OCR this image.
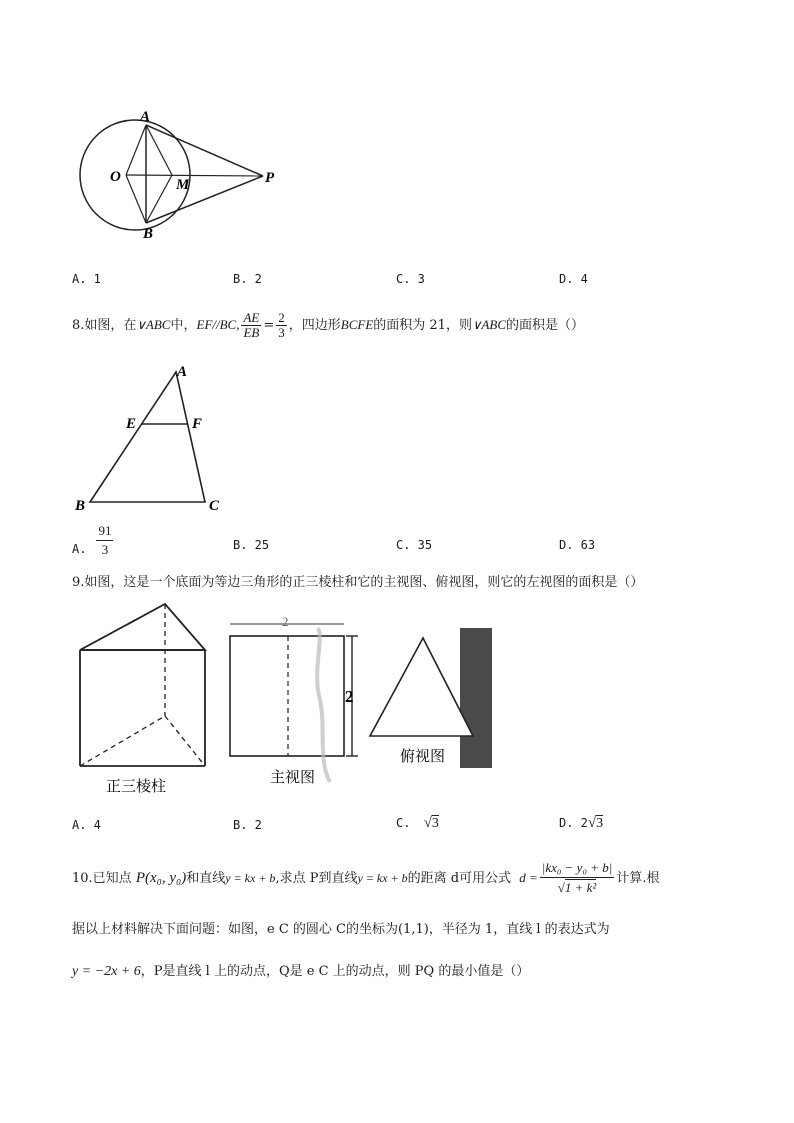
A
B
O	M	P
A. 1	B. 2	C. 3	D. 4
8.如图，在∨ABC中，EF//BC, $\frac{AE}{EB} = \frac{2}{3}$ ，四边形BCFE的面积为 21，则∨ABC的面积是（）
A
E	F
B	C
A. $\frac{91}{3}$	B. 25	C. 35	D. 63
9.如图，这是一个底面为等边三角形的正三棱柱和它的主视图、俯视图，则它的左视图的面积是（）
正三棱柱
2
2
主视图
俯视图
A. 4	B. 2	C. √3	D. 2√3
10.已知点 P(x₀, y₀)和直线y = kx + b,求点 P到直线y = kx + b的距离 d可用公式 $d = \frac{\text{|kx₀ − y₀ + b|}}{\text{√1 + k²}}$ 计算.根
据以上材料解决下面问题：如图，e C 的圆心 C的坐标为(1,1)，半径为 1，直线 l 的表达式为
y = −2x + 6，P是直线 l 上的动点，Q是 e C 上的动点，则 PQ 的最小值是（）
